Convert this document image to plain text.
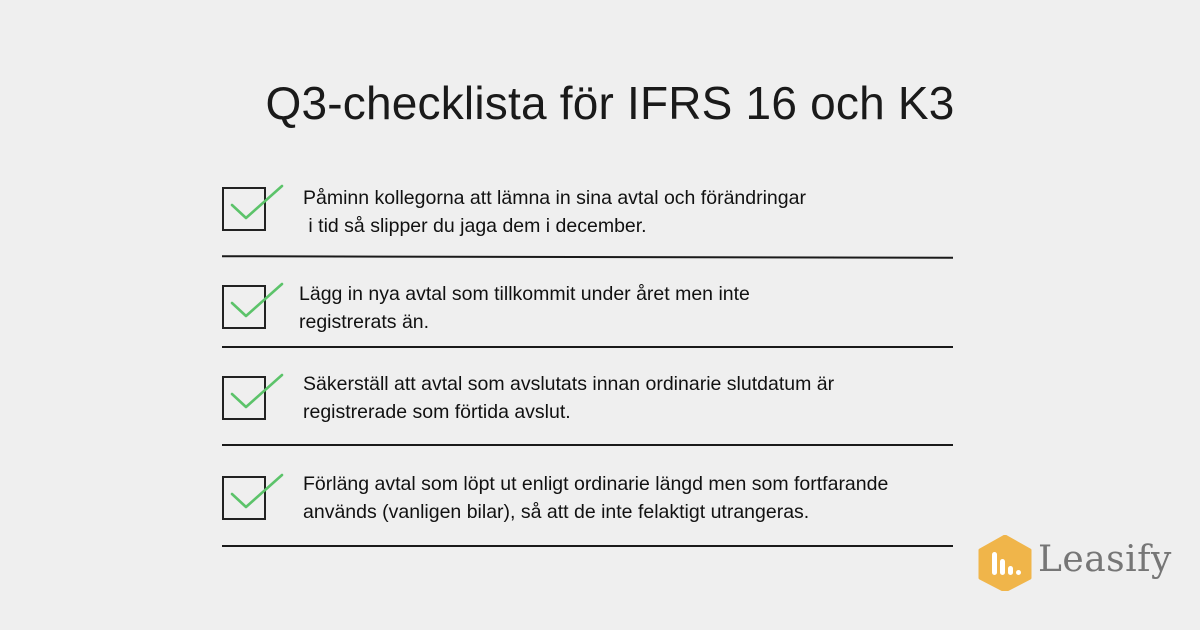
Q3-checklista för IFRS 16 och K3
Påminn kollegorna att lämna in sina avtal och förändringar
i tid så slipper du jaga dem i december.
Lägg in nya avtal som tillkommit under året men inte
registrerats än.
Säkerställ att avtal som avslutats innan ordinarie slutdatum är
registrerade som förtida avslut.
Förläng avtal som löpt ut enligt ordinarie längd men som fortfarande
används (vanligen bilar), så att de inte felaktigt utrangeras.
Leasify
